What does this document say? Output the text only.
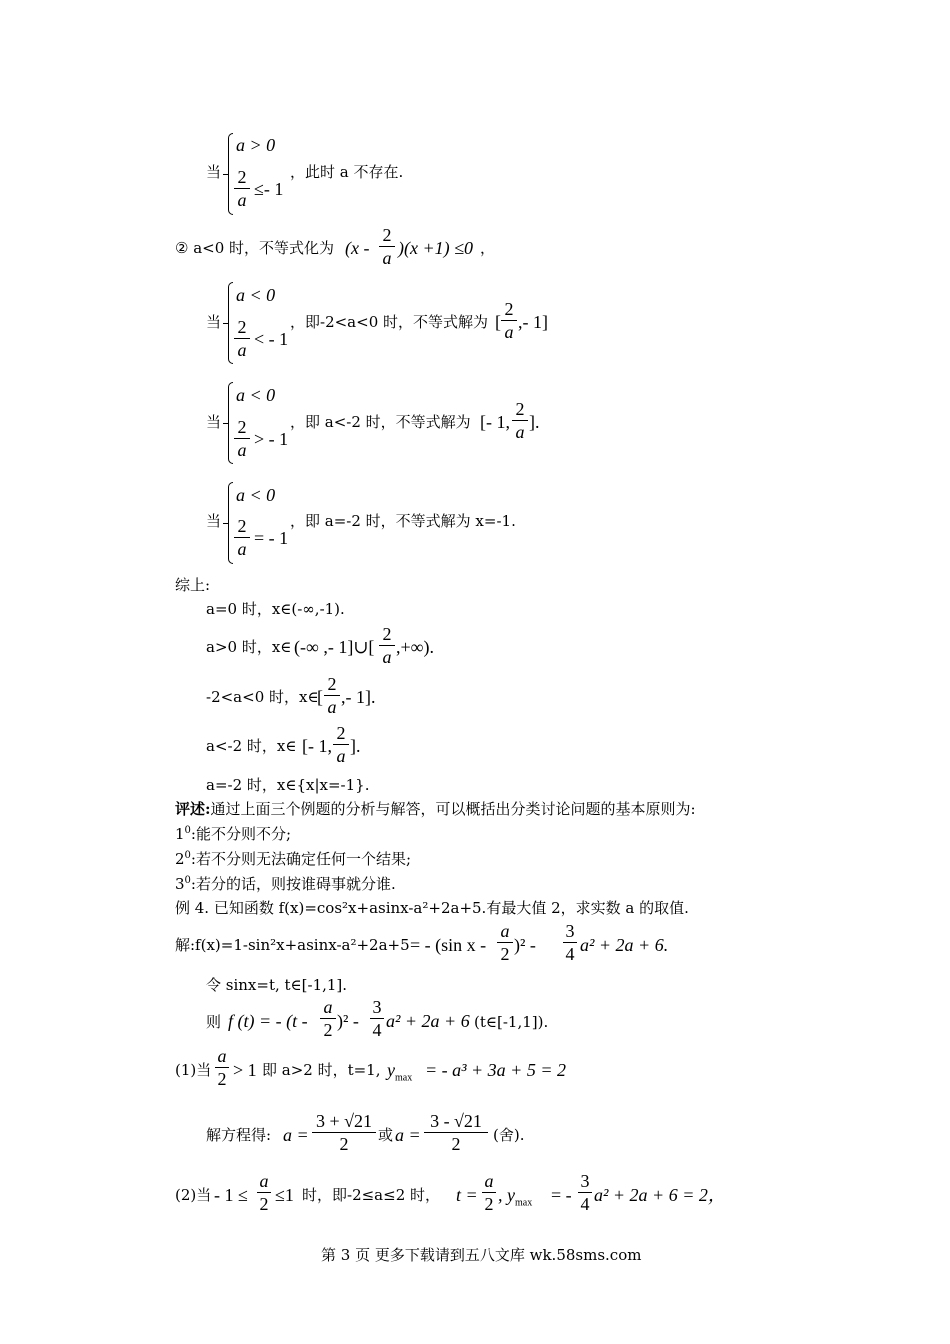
当
a > 0
2
a
≤- 1
，此时 a 不存在.
② a<0 时，不等式化为 (x -
2
a )(x +1) ≤0 ，
当
a < 0
2
a
< - 1
，即-2<a<0 时，不等式解为 [
2
a ,- 1]
当
a < 0
2
a
> - 1
，即 a<-2 时，不等式解为 [- 1,
2
a ].
当
a < 0
2
a
= - 1
，即 a=-2 时，不等式解为 x=-1.
综上:
a=0 时，x∈(-∞,-1).
a>0 时，x∈ (-∞ ,- 1]∪[
2
a ,+∞).
-2<a<0 时，x∈
[
2
a ,- 1].
a<-2 时，x∈ [- 1,
2
a ].
a=-2 时，x∈{x|x=-1}.
评述:通过上面三个例题的分析与解答，可以概括出分类讨论问题的基本原则为:
$1^0$:能不分则不分;
$2^0$:若不分则无法确定任何一个结果;
$3^0$:若分的话，则按谁碍事就分谁.
例 4. 已知函数 f(x)=cos²x+asinx-a²+2a+5.有最大值 2，求实数 a 的取值.
解:f(x)=1-sin²x+asinx-a²+2a+5 = - (sin x -
a
2 )² -
3
4 a² + 2a + 6.
令 sinx=t, t∈[-1,1].
则 f (t) = - (t -
a
2 )² -
3
4 a² + 2a + 6 (t∈[-1,1]).
(1)当
a
2 > 1 即 a>2 时，t=1, $y_{max}$ = - a³ + 3a + 5 = 2
解方程得: a =
3 + √21
2	或 a =
3 - √21
2	(舍).
(2)当 - 1 ≤
a
2 ≤1 时，即-2≤a≤2 时， t =
a
2 , $y_{max}$ = -
3
4 a² + 2a + 6 = 2，
第 3 页 更多下载请到五八文库 wk.58sms.com
